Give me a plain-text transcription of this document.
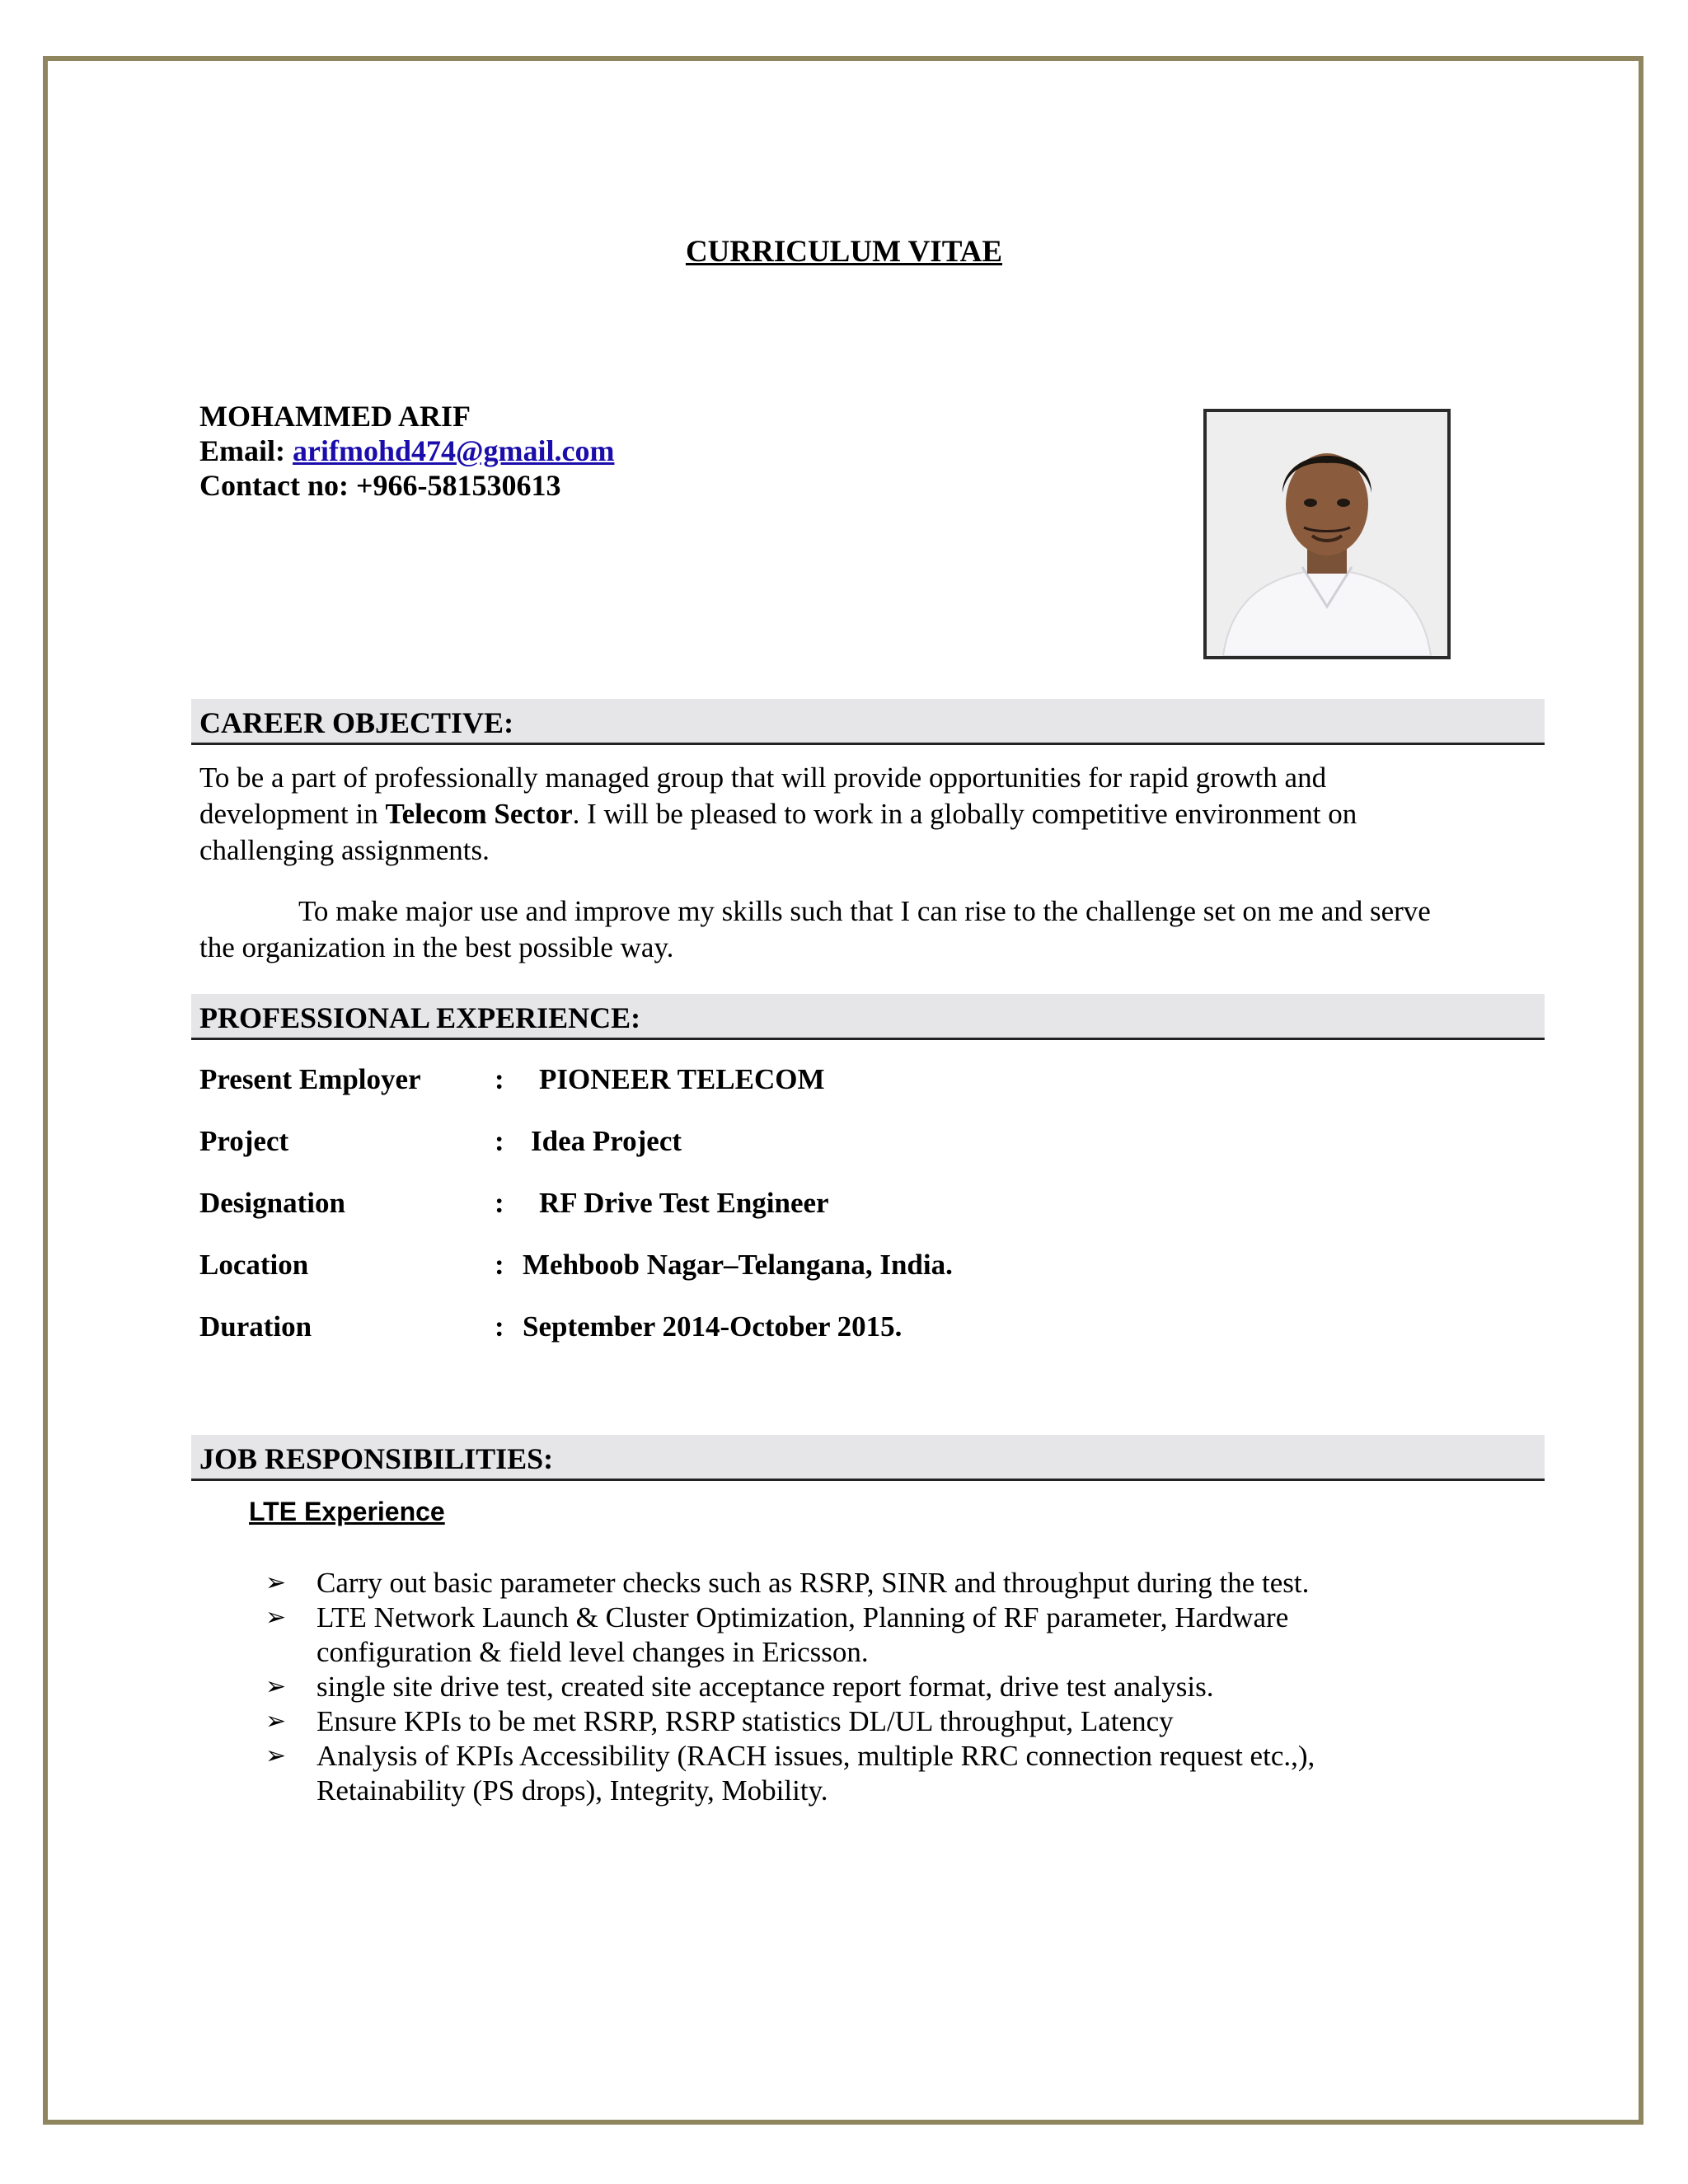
CURRICULUM VITAE
MOHAMMED ARIF
Email: arifmohd474@gmail.com
Contact no: +966-581530613
CAREER OBJECTIVE:
To be a part of professionally managed group that will provide opportunities for rapid growth and development in Telecom Sector. I will be pleased to work in a globally competitive environment on challenging assignments.
To make major use and improve my skills such that I can rise to the challenge set on me and serve the organization in the best possible way.
PROFESSIONAL EXPERIENCE:
Present Employer	: PIONEER TELECOM
Project	: Idea Project
Designation	: RF Drive Test Engineer
Location	: Mehboob Nagar–Telangana, India.
Duration	: September 2014-October 2015.
JOB RESPONSIBILITIES:
LTE Experience
➢ Carry out basic parameter checks such as RSRP, SINR and throughput during the test.
➢ LTE Network Launch & Cluster Optimization, Planning of RF parameter, Hardware configuration & field level changes in Ericsson.
➢ single site drive test, created site acceptance report format, drive test analysis.
➢ Ensure KPIs to be met RSRP, RSRP statistics DL/UL throughput, Latency
➢ Analysis of KPIs Accessibility (RACH issues, multiple RRC connection request etc.,), Retainability (PS drops), Integrity, Mobility.
